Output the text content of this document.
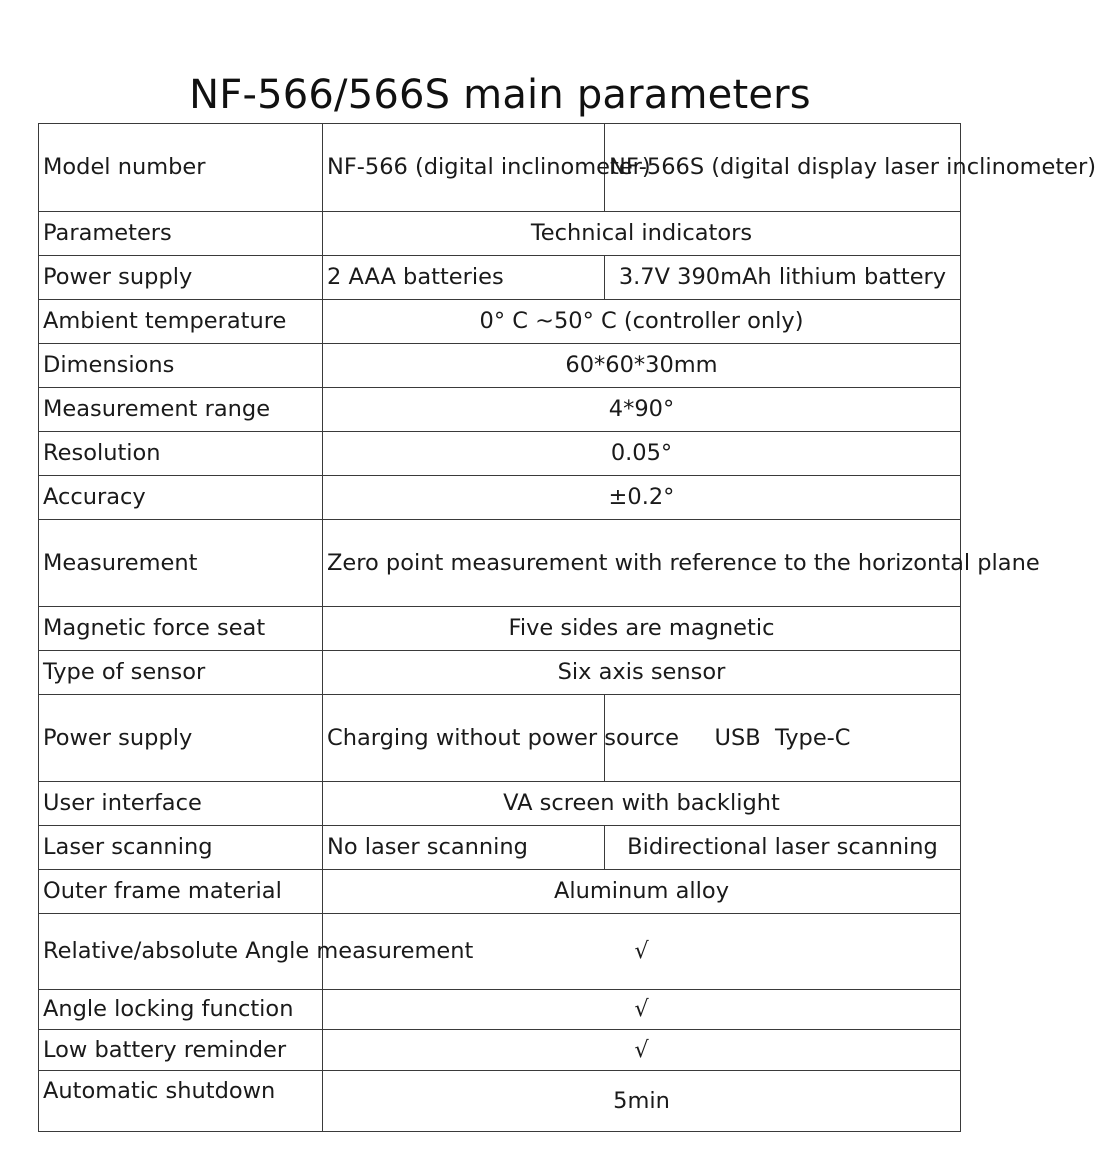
NF-566/566S main parameters
Model number	NF-566 (digital inclinometer)	NF-566S (digital display laser inclinometer)
Parameters	Technical indicators	
Power supply	2 AAA batteries	3.7V 390mAh lithium battery
Ambient temperature	0° C ~50° C (controller only)	
Dimensions	60*60*30mm	
Measurement range	4*90°	
Resolution	0.05°	
Accuracy	±0.2°	
Measurement	Zero point measurement with reference to the horizontal plane	
Magnetic force seat	Five sides are magnetic	
Type of sensor	Six axis sensor	
Power supply	Charging without power source	USB  Type-C
User interface	VA screen with backlight	
Laser scanning	No laser scanning	Bidirectional laser scanning
Outer frame material	Aluminum alloy	
Relative/absolute Angle measurement	√	
Angle locking function	√	
Low battery reminder	√	
Automatic shutdown	5min	
